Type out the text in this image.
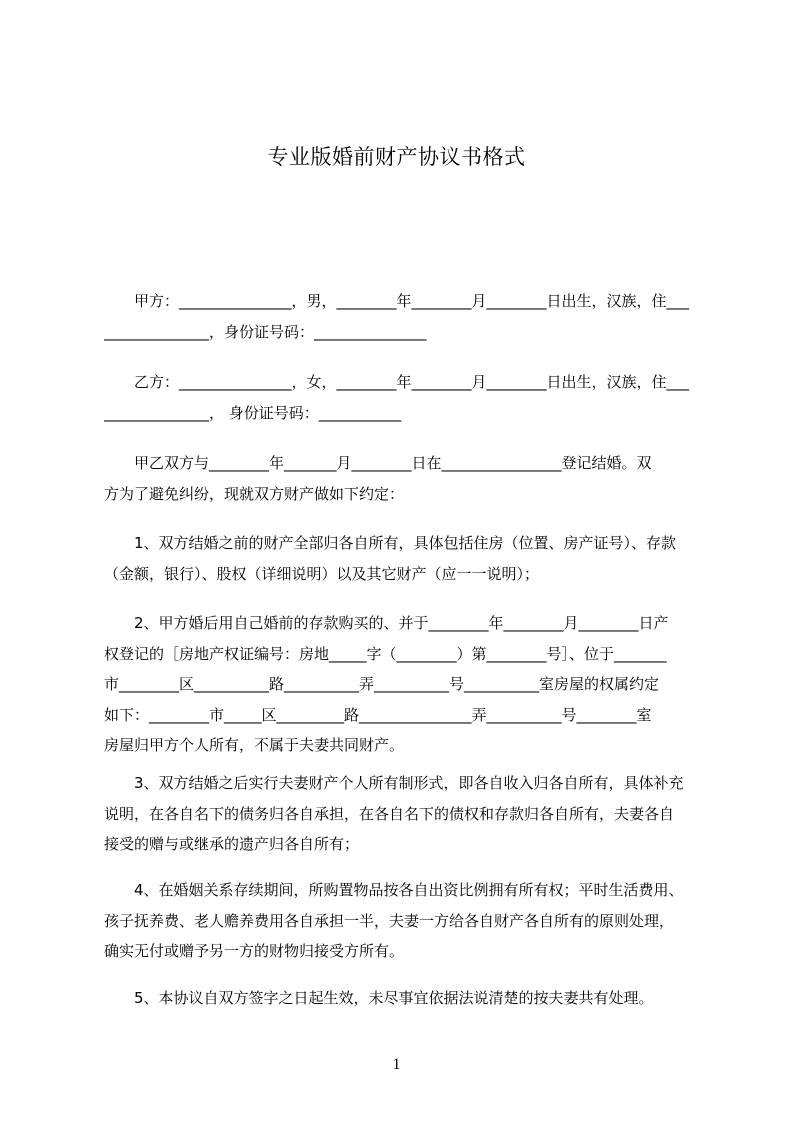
专业版婚前财产协议书格式
　　甲方：_______________，男，________年________月________日出生，汉族，住___
______________，身份证号码：_______________
　　乙方：_______________，女，________年________月________日出生，汉族，住___
______________， 身份证号码：___________
　　甲乙双方与________年_______月________日在________________登记结婚。双
方为了避免纠纷，现就双方财产做如下约定：
　　1、双方结婚之前的财产全部归各自所有，具体包括住房（位置、房产证号）、存款
（金额，银行）、股权（详细说明）以及其它财产（应一一说明）；
　　2、甲方婚后用自己婚前的存款购买的、并于________年________月________日产
权登记的［房地产权证编号：房地_____字（________）第________号］、位于_______
市________区__________路__________弄__________号__________室房屋的权属约定
如下：________市_____区_________路_______________弄__________号________室
房屋归甲方个人所有，不属于夫妻共同财产。
　　3、双方结婚之后实行夫妻财产个人所有制形式，即各自收入归各自所有，具体补充
说明，在各自名下的债务归各自承担，在各自名下的债权和存款归各自所有，夫妻各自
接受的赠与或继承的遗产归各自所有；
　　4、在婚姻关系存续期间，所购置物品按各自出资比例拥有所有权；平时生活费用、
孩子抚养费、老人赡养费用各自承担一半，夫妻一方给各自财产各自所有的原则处理，
确实无付或赠予另一方的财物归接受方所有。
　　5、本协议自双方签字之日起生效，未尽事宜依据法说清楚的按夫妻共有处理。
1
